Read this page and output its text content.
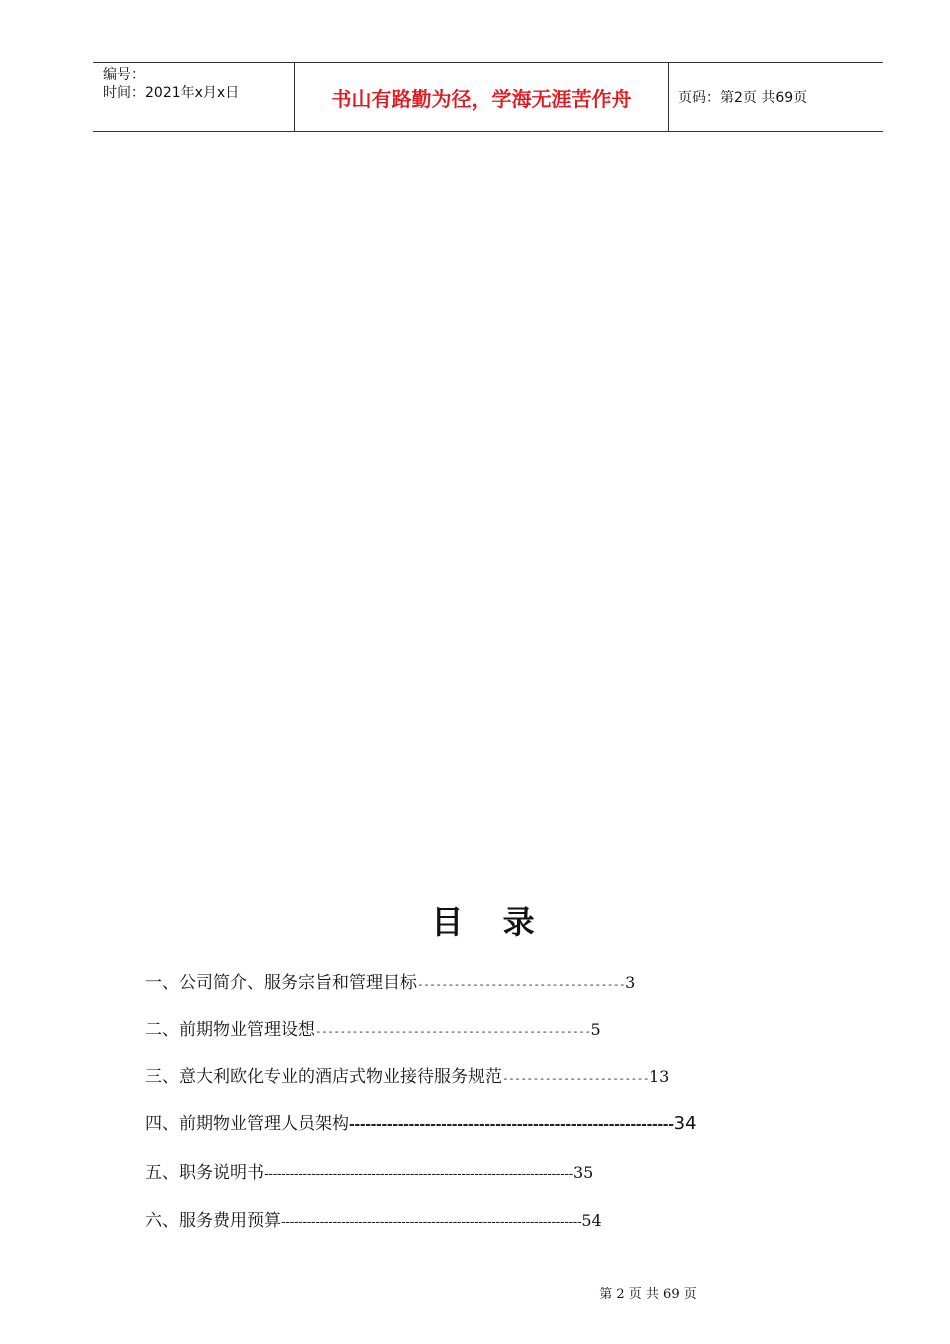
编号：
时间：2021年x月x日	书山有路勤为径，学海无涯苦作舟	页码：第2页 共69页
目 录
一、公司简介、服务宗旨和管理目标----------------------------------3
二、前期物业管理设想---------------------------------------------5
三、意大利欧化专业的酒店式物业接待服务规范------------------------13
四、前期物业管理人员架构------------------------------------------------------------34
五、职务说明书------------------------------------------------------------------------35
六、服务费用预算----------------------------------------------------------------------54
第 2 页 共 69 页
